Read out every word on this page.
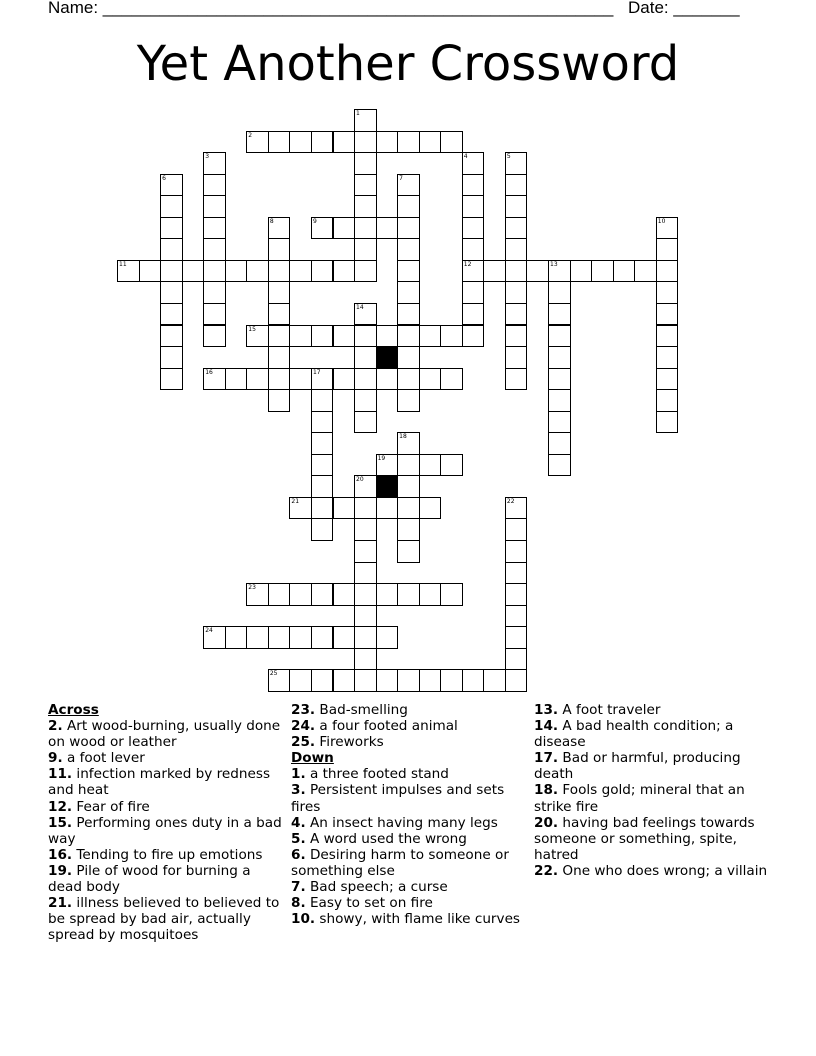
Name: ______________________________________________________ Date: _______
Yet Another Crossword
2
9
11	12	13
15
16	17
19
21
23
24
25
1
3	4	5
6	7
8	10
14
18
20
22
Across
2. Art wood-burning, usually done on wood or leather
9. a foot lever
11. infection marked by redness and heat
12. Fear of fire
15. Performing ones duty in a bad way
16. Tending to fire up emotions
19. Pile of wood for burning a dead body
21. illness believed to believed to be spread by bad air, actually spread by mosquitoes
23. Bad-smelling
24. a four footed animal
25. Fireworks
Down
1. a three footed stand
3. Persistent impulses and sets fires
4. An insect having many legs
5. A word used the wrong
6. Desiring harm to someone or something else
7. Bad speech; a curse
8. Easy to set on fire
10. showy, with flame like curves
13. A foot traveler
14. A bad health condition; a disease
17. Bad or harmful, producing death
18. Fools gold; mineral that an strike fire
20. having bad feelings towards someone or something, spite, hatred
22. One who does wrong; a villain
